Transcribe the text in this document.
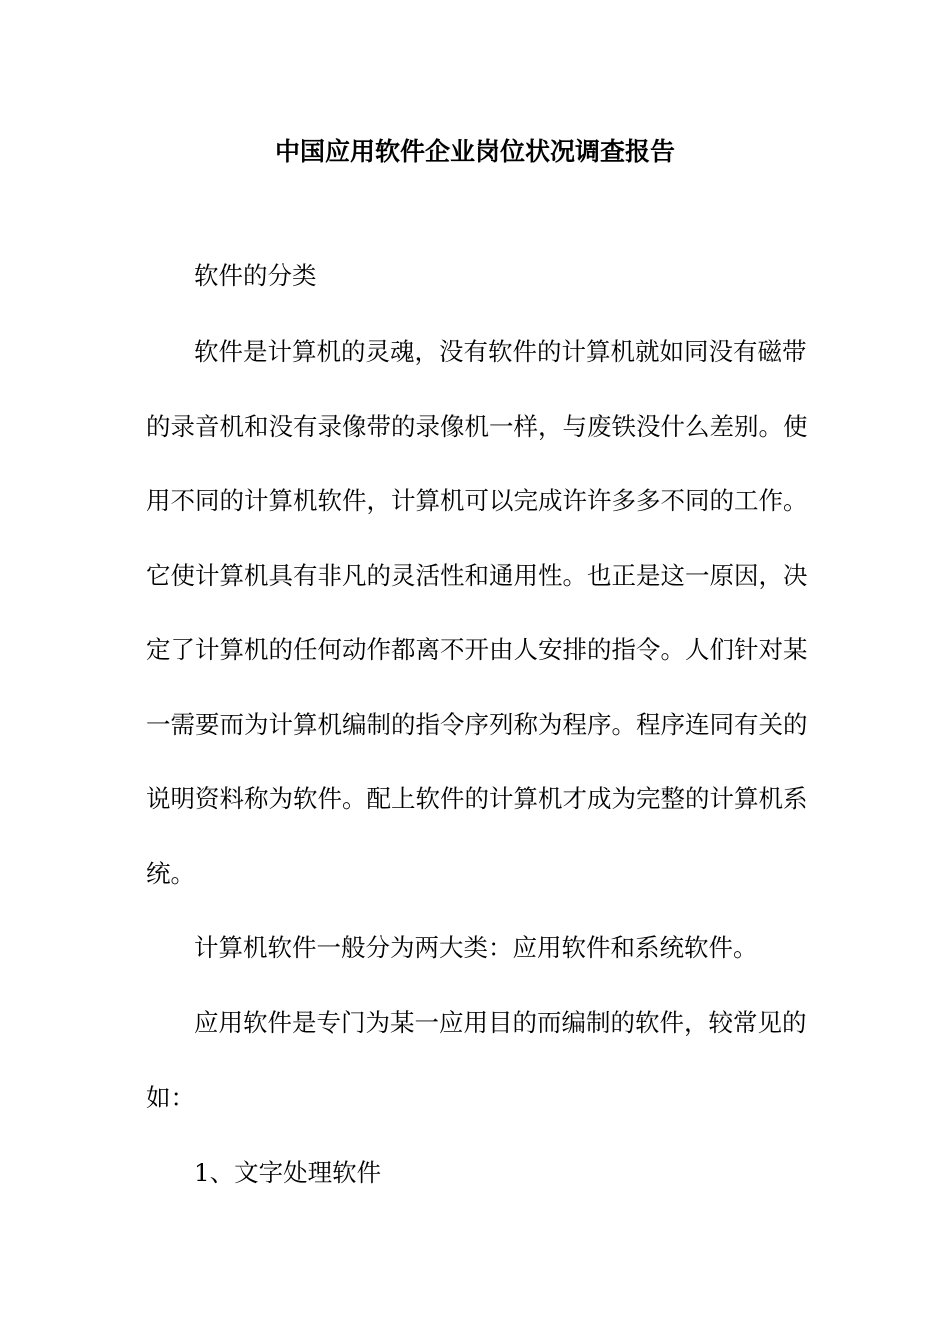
中国应用软件企业岗位状况调查报告
软件的分类
软件是计算机的灵魂，没有软件的计算机就如同没有磁带
的录音机和没有录像带的录像机一样，与废铁没什么差别。使
用不同的计算机软件，计算机可以完成许许多多不同的工作。
它使计算机具有非凡的灵活性和通用性。也正是这一原因，决
定了计算机的任何动作都离不开由人安排的指令。人们针对某
一需要而为计算机编制的指令序列称为程序。程序连同有关的
说明资料称为软件。配上软件的计算机才成为完整的计算机系
统。
计算机软件一般分为两大类：应用软件和系统软件。
应用软件是专门为某一应用目的而编制的软件，较常见的
如：
1、文字处理软件
